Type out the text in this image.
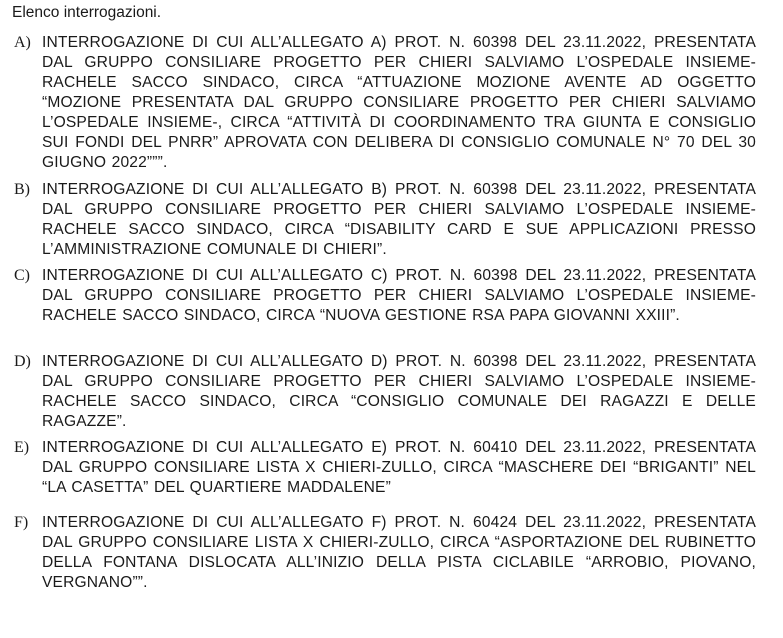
Elenco interrogazioni.
A) INTERROGAZIONE DI CUI ALL’ALLEGATO A) PROT. N. 60398 DEL 23.11.2022, PRESENTATA DAL GRUPPO CONSILIARE PROGETTO PER CHIERI SALVIAMO L’OSPEDALE INSIEME-RACHELE SACCO SINDACO, CIRCA “ATTUAZIONE MOZIONE AVENTE AD OGGETTO “MOZIONE PRESENTATA DAL GRUPPO CONSILIARE PROGETTO PER CHIERI SALVIAMO L’OSPEDALE INSIEME-, CIRCA “ATTIVITÀ DI COORDINAMENTO TRA GIUNTA E CONSIGLIO SUI FONDI DEL PNRR” APROVATA CON DELIBERA DI CONSIGLIO COMUNALE N° 70 DEL 30 GIUGNO 2022”””.
B) INTERROGAZIONE DI CUI ALL’ALLEGATO B) PROT. N. 60398 DEL 23.11.2022, PRESENTATA DAL GRUPPO CONSILIARE PROGETTO PER CHIERI SALVIAMO L’OSPEDALE INSIEME-RACHELE SACCO SINDACO, CIRCA “DISABILITY CARD E SUE APPLICAZIONI PRESSO L’AMMINISTRAZIONE COMUNALE DI CHIERI”.
C) INTERROGAZIONE DI CUI ALL’ALLEGATO C) PROT. N. 60398 DEL 23.11.2022, PRESENTATA DAL GRUPPO CONSILIARE PROGETTO PER CHIERI SALVIAMO L’OSPEDALE INSIEME-RACHELE SACCO SINDACO, CIRCA “NUOVA GESTIONE RSA PAPA GIOVANNI XXIII”.
D) INTERROGAZIONE DI CUI ALL’ALLEGATO D) PROT. N. 60398 DEL 23.11.2022, PRESENTATA DAL GRUPPO CONSILIARE PROGETTO PER CHIERI SALVIAMO L’OSPEDALE INSIEME-RACHELE SACCO SINDACO, CIRCA “CONSIGLIO COMUNALE DEI RAGAZZI E DELLE RAGAZZE”.
E) INTERROGAZIONE DI CUI ALL’ALLEGATO E) PROT. N. 60410 DEL 23.11.2022, PRESENTATA DAL GRUPPO CONSILIARE LISTA X CHIERI-ZULLO, CIRCA “MASCHERE DEI “BRIGANTI” NEL “LA CASETTA” DEL QUARTIERE MADDALENE”
F) INTERROGAZIONE DI CUI ALL’ALLEGATO F) PROT. N. 60424 DEL 23.11.2022, PRESENTATA DAL GRUPPO CONSILIARE LISTA X CHIERI-ZULLO, CIRCA “ASPORTAZIONE DEL RUBINETTO DELLA FONTANA DISLOCATA ALL’INIZIO DELLA PISTA CICLABILE “ARROBIO, PIOVANO, VERGNANO””.
